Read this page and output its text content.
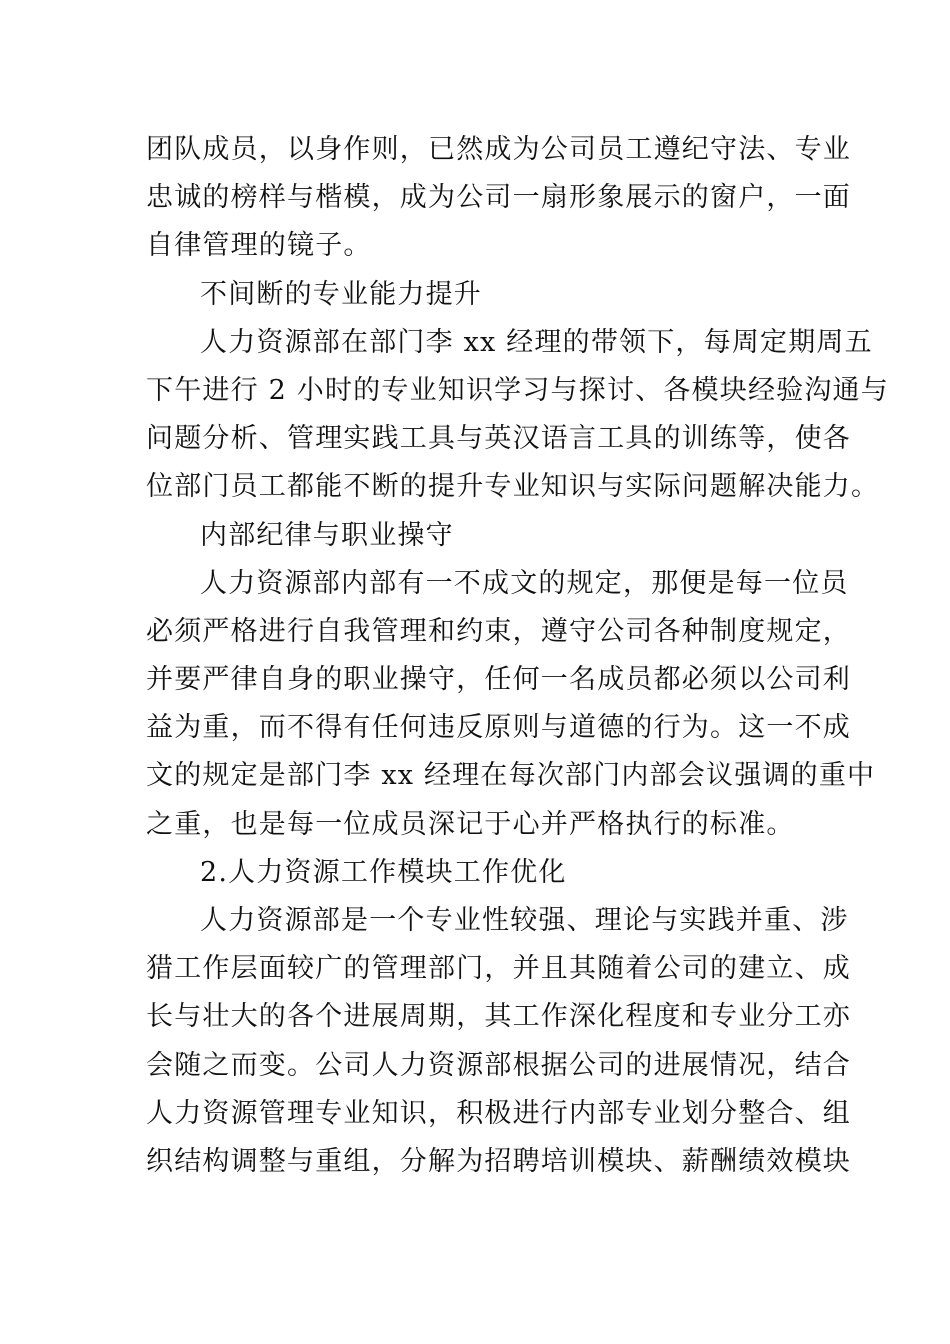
团队成员，以身作则，已然成为公司员工遵纪守法、专业
忠诚的榜样与楷模，成为公司一扇形象展示的窗户，一面
自律管理的镜子。
不间断的专业能力提升
人力资源部在部门李 xx 经理的带领下，每周定期周五
下午进行 2 小时的专业知识学习与探讨、各模块经验沟通与
问题分析、管理实践工具与英汉语言工具的训练等，使各
位部门员工都能不断的提升专业知识与实际问题解决能力。
内部纪律与职业操守
人力资源部内部有一不成文的规定，那便是每一位员
必须严格进行自我管理和约束，遵守公司各种制度规定，
并要严律自身的职业操守，任何一名成员都必须以公司利
益为重，而不得有任何违反原则与道德的行为。这一不成
文的规定是部门李 xx 经理在每次部门内部会议强调的重中
之重，也是每一位成员深记于心并严格执行的标准。
2.人力资源工作模块工作优化
人力资源部是一个专业性较强、理论与实践并重、涉
猎工作层面较广的管理部门，并且其随着公司的建立、成
长与壮大的各个进展周期，其工作深化程度和专业分工亦
会随之而变。公司人力资源部根据公司的进展情况，结合
人力资源管理专业知识，积极进行内部专业划分整合、组
织结构调整与重组，分解为招聘培训模块、薪酬绩效模块
